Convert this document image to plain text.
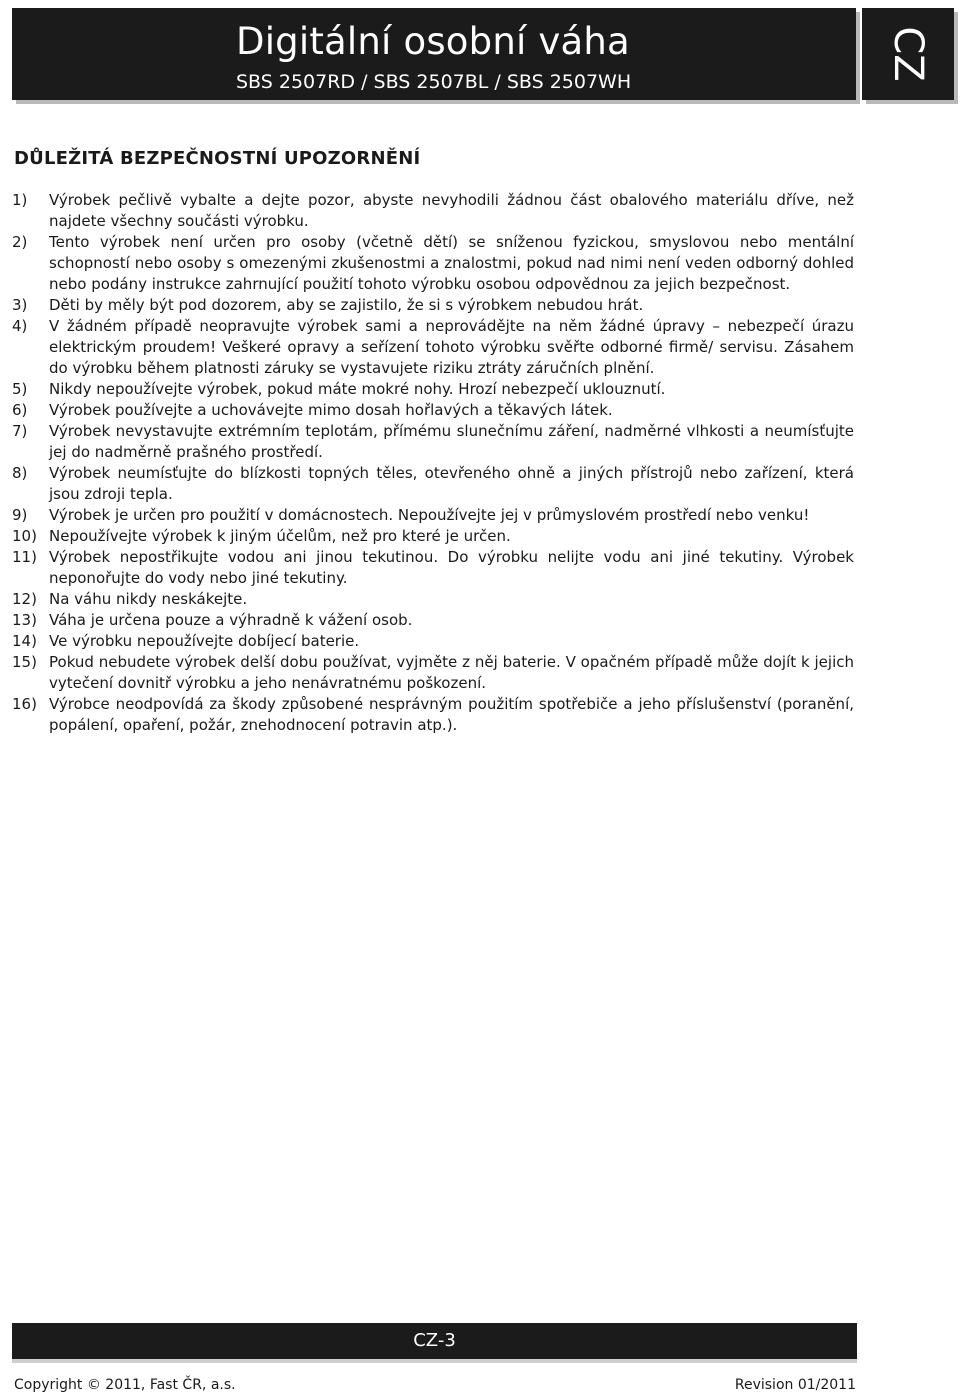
Digitální osobní váha
SBS 2507RD / SBS 2507BL / SBS 2507WH
CZ
DŮLEŽITÁ BEZPEČNOSTNÍ UPOZORNĚNÍ
1)	Výrobek pečlivě vybalte a dejte pozor, abyste nevyhodili žádnou část obalového materiálu dříve, než najdete všechny součásti výrobku.
2)	Tento výrobek není určen pro osoby (včetně dětí) se sníženou fyzickou, smyslovou nebo mentální schopností nebo osoby s omezenými zkušenostmi a znalostmi, pokud nad nimi není veden odborný dohled nebo podány instrukce zahrnující použití tohoto výrobku osobou odpovědnou za jejich bezpečnost.
3)	Děti by měly být pod dozorem, aby se zajistilo, že si s výrobkem nebudou hrát.
4)	V žádném případě neopravujte výrobek sami a neprovádějte na něm žádné úpravy – nebezpečí úrazu elektrickým proudem! Veškeré opravy a seřízení tohoto výrobku svěřte odborné firmě/ servisu. Zásahem do výrobku během platnosti záruky se vystavujete riziku ztráty záručních plnění.
5)	Nikdy nepoužívejte výrobek, pokud máte mokré nohy. Hrozí nebezpečí uklouznutí.
6)	Výrobek používejte a uchovávejte mimo dosah hořlavých a těkavých látek.
7)	Výrobek nevystavujte extrémním teplotám, přímému slunečnímu záření, nadměrné vlhkosti a neumísťujte jej do nadměrně prašného prostředí.
8)	Výrobek neumísťujte do blízkosti topných těles, otevřeného ohně a jiných přístrojů nebo zařízení, která jsou zdroji tepla.
9)	Výrobek je určen pro použití v domácnostech. Nepoužívejte jej v průmyslovém prostředí nebo venku!
10) Nepoužívejte výrobek k jiným účelům, než pro které je určen.
11) Výrobek nepostřikujte vodou ani jinou tekutinou. Do výrobku nelijte vodu ani jiné tekutiny. Výrobek neponořujte do vody nebo jiné tekutiny.
12) Na váhu nikdy neskákejte.
13) Váha je určena pouze a výhradně k vážení osob.
14) Ve výrobku nepoužívejte dobíjecí baterie.
15) Pokud nebudete výrobek delší dobu používat, vyjměte z něj baterie. V opačném případě může dojít k jejich vytečení dovnitř výrobku a jeho nenávratnému poškození.
16) Výrobce neodpovídá za škody způsobené nesprávným použitím spotřebiče a jeho příslušenství (poranění, popálení, opaření, požár, znehodnocení potravin atp.).
CZ-3
Copyright © 2011, Fast ČR, a.s.	Revision 01/2011
